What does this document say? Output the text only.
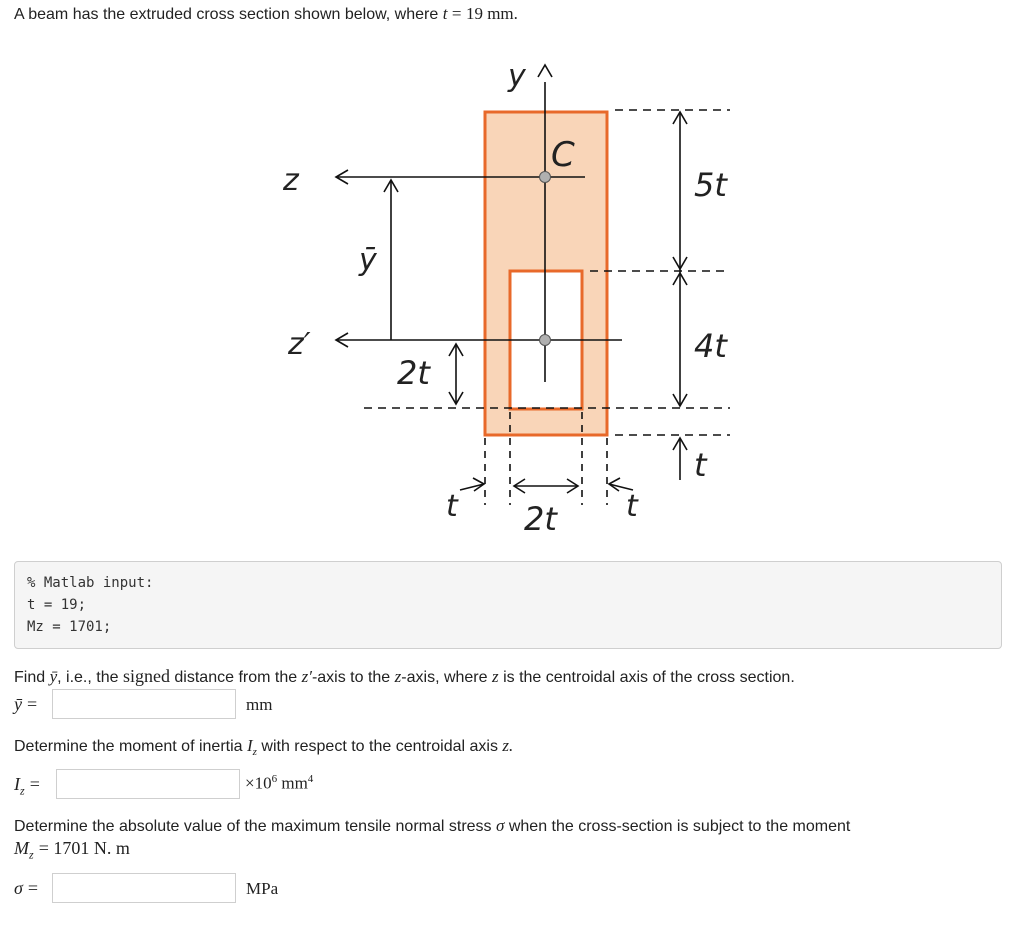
A beam has the extruded cross section shown below, where t = 19 mm.
y
C
z
z′
ȳ
5t
4t
2t
t
t 2t t
% Matlab input:
t = 19;
Mz = 1701;
Find ȳ, i.e., the signed distance from the z′-axis to the z-axis, where z is the centroidal axis of the cross section.
ȳ =	mm
Determine the moment of inertia $I_z$ with respect to the centroidal axis z.
$I_z$ =	$\times 10^6$ $mm^4$
Determine the absolute value of the maximum tensile normal stress σ when the cross-section is subject to the moment
$M_z = 1701$ N. m
σ =	MPa
